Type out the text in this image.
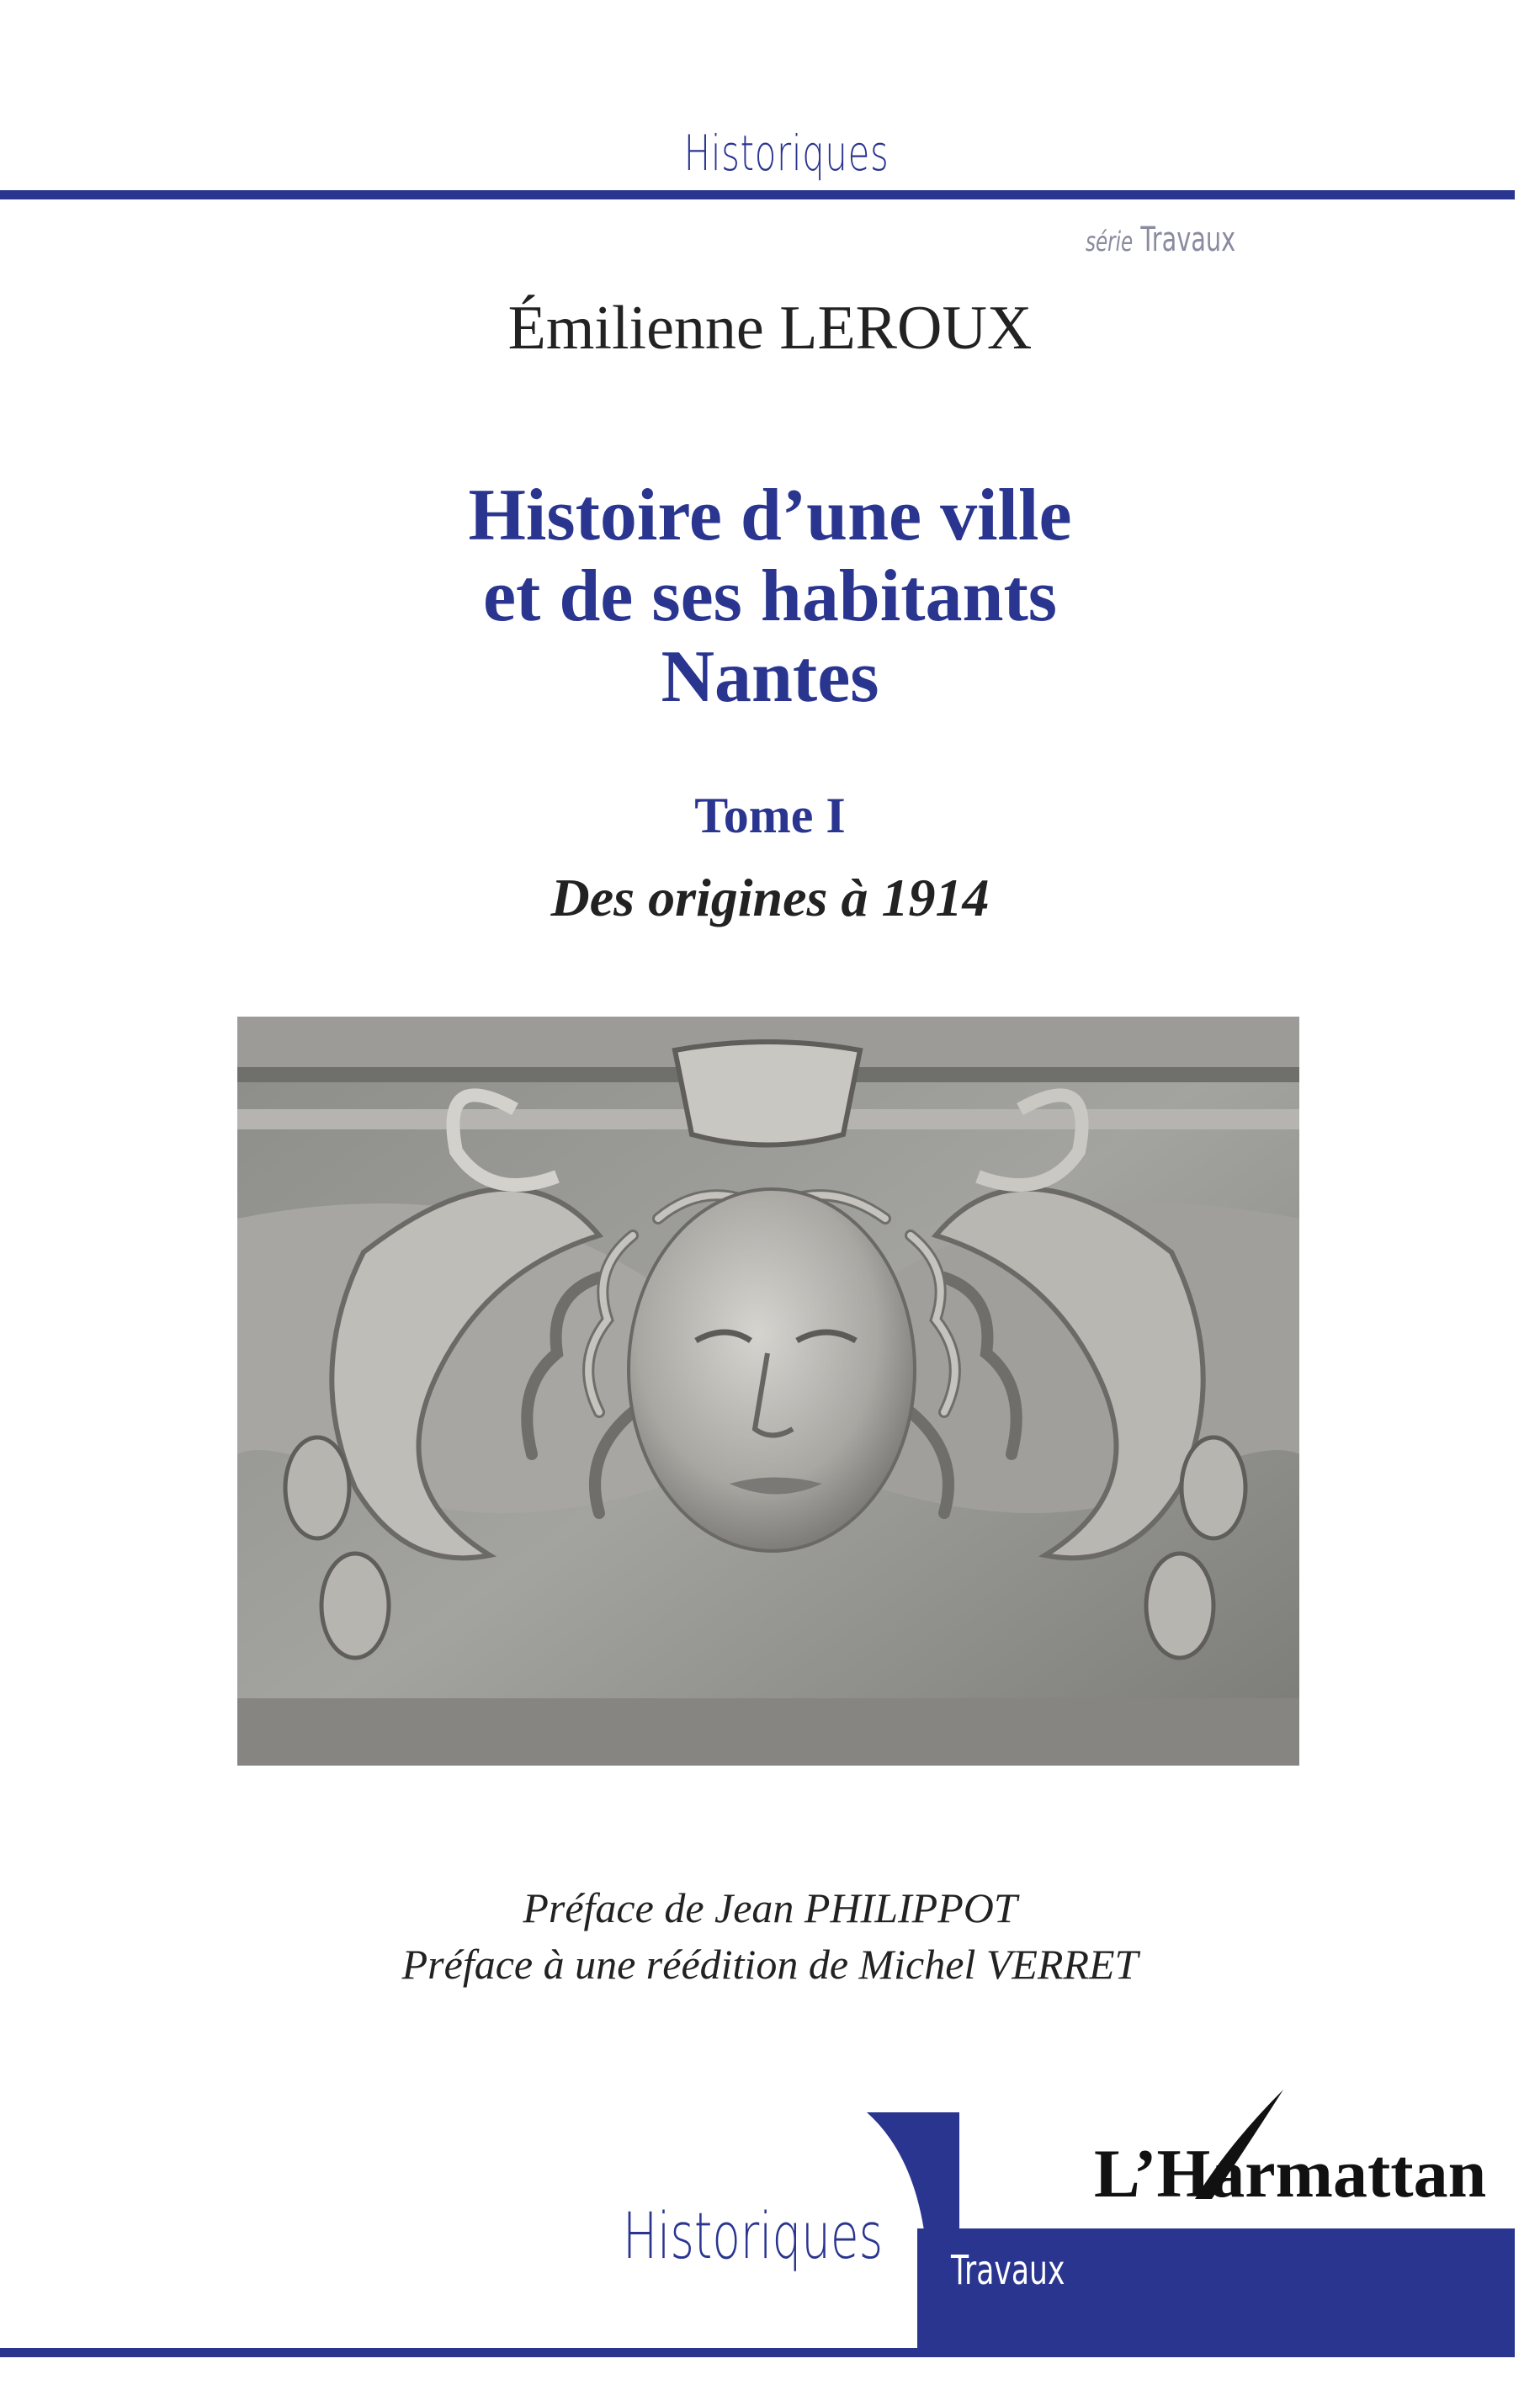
Historiques
série Travaux
Émilienne LEROUX
Histoire d’une ville
et de ses habitants
Nantes
Tome I
Des origines à 1914
Préface de Jean PHILIPPOT
Préface à une réédition de Michel VERRET
L’Harmattan
Historiques Travaux
